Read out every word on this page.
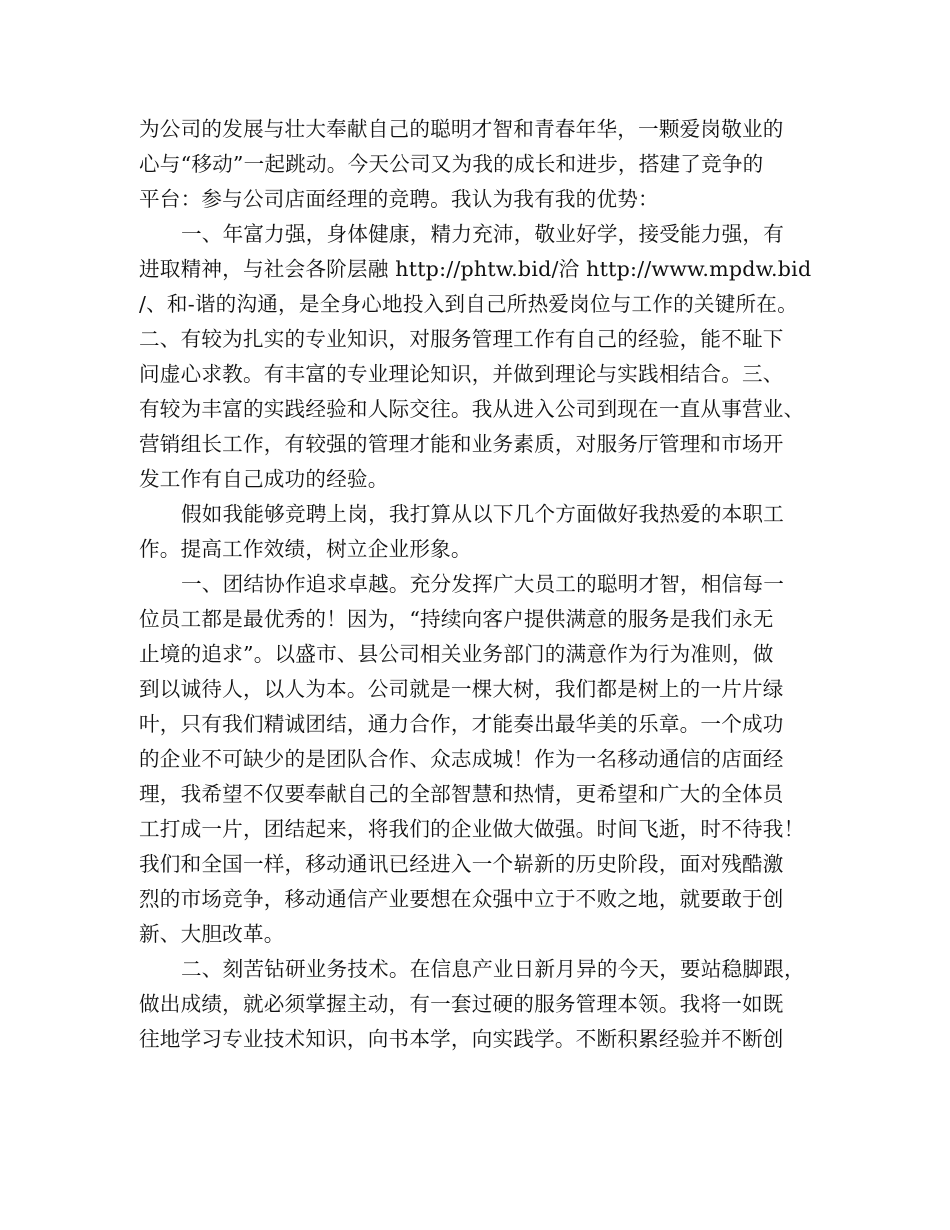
为公司的发展与壮大奉献自己的聪明才智和青春年华，一颗爱岗敬业的
心与“移动”一起跳动。今天公司又为我的成长和进步，搭建了竞争的
平台：参与公司店面经理的竞聘。我认为我有我的优势：
一、年富力强，身体健康，精力充沛，敬业好学，接受能力强，有
进取精神，与社会各阶层融 http://phtw.bid/洽 http://www.mpdw.bid
/、和-谐的沟通，是全身心地投入到自己所热爱岗位与工作的关键所在。
二、有较为扎实的专业知识，对服务管理工作有自己的经验，能不耻下
问虚心求教。有丰富的专业理论知识，并做到理论与实践相结合。三、
有较为丰富的实践经验和人际交往。我从进入公司到现在一直从事营业、
营销组长工作，有较强的管理才能和业务素质，对服务厅管理和市场开
发工作有自己成功的经验。
假如我能够竞聘上岗，我打算从以下几个方面做好我热爱的本职工
作。提高工作效绩，树立企业形象。
一、团结协作追求卓越。充分发挥广大员工的聪明才智，相信每一
位员工都是最优秀的！因为，“持续向客户提供满意的服务是我们永无
止境的追求”。以盛市、县公司相关业务部门的满意作为行为准则，做
到以诚待人，以人为本。公司就是一棵大树，我们都是树上的一片片绿
叶，只有我们精诚团结，通力合作，才能奏出最华美的乐章。一个成功
的企业不可缺少的是团队合作、众志成城！作为一名移动通信的店面经
理，我希望不仅要奉献自己的全部智慧和热情，更希望和广大的全体员
工打成一片，团结起来，将我们的企业做大做强。时间飞逝，时不待我！
我们和全国一样，移动通讯已经进入一个崭新的历史阶段，面对残酷激
烈的市场竞争，移动通信产业要想在众强中立于不败之地，就要敢于创
新、大胆改革。
二、刻苦钻研业务技术。在信息产业日新月异的今天，要站稳脚跟，
做出成绩，就必须掌握主动，有一套过硬的服务管理本领。我将一如既
往地学习专业技术知识，向书本学，向实践学。不断积累经验并不断创
